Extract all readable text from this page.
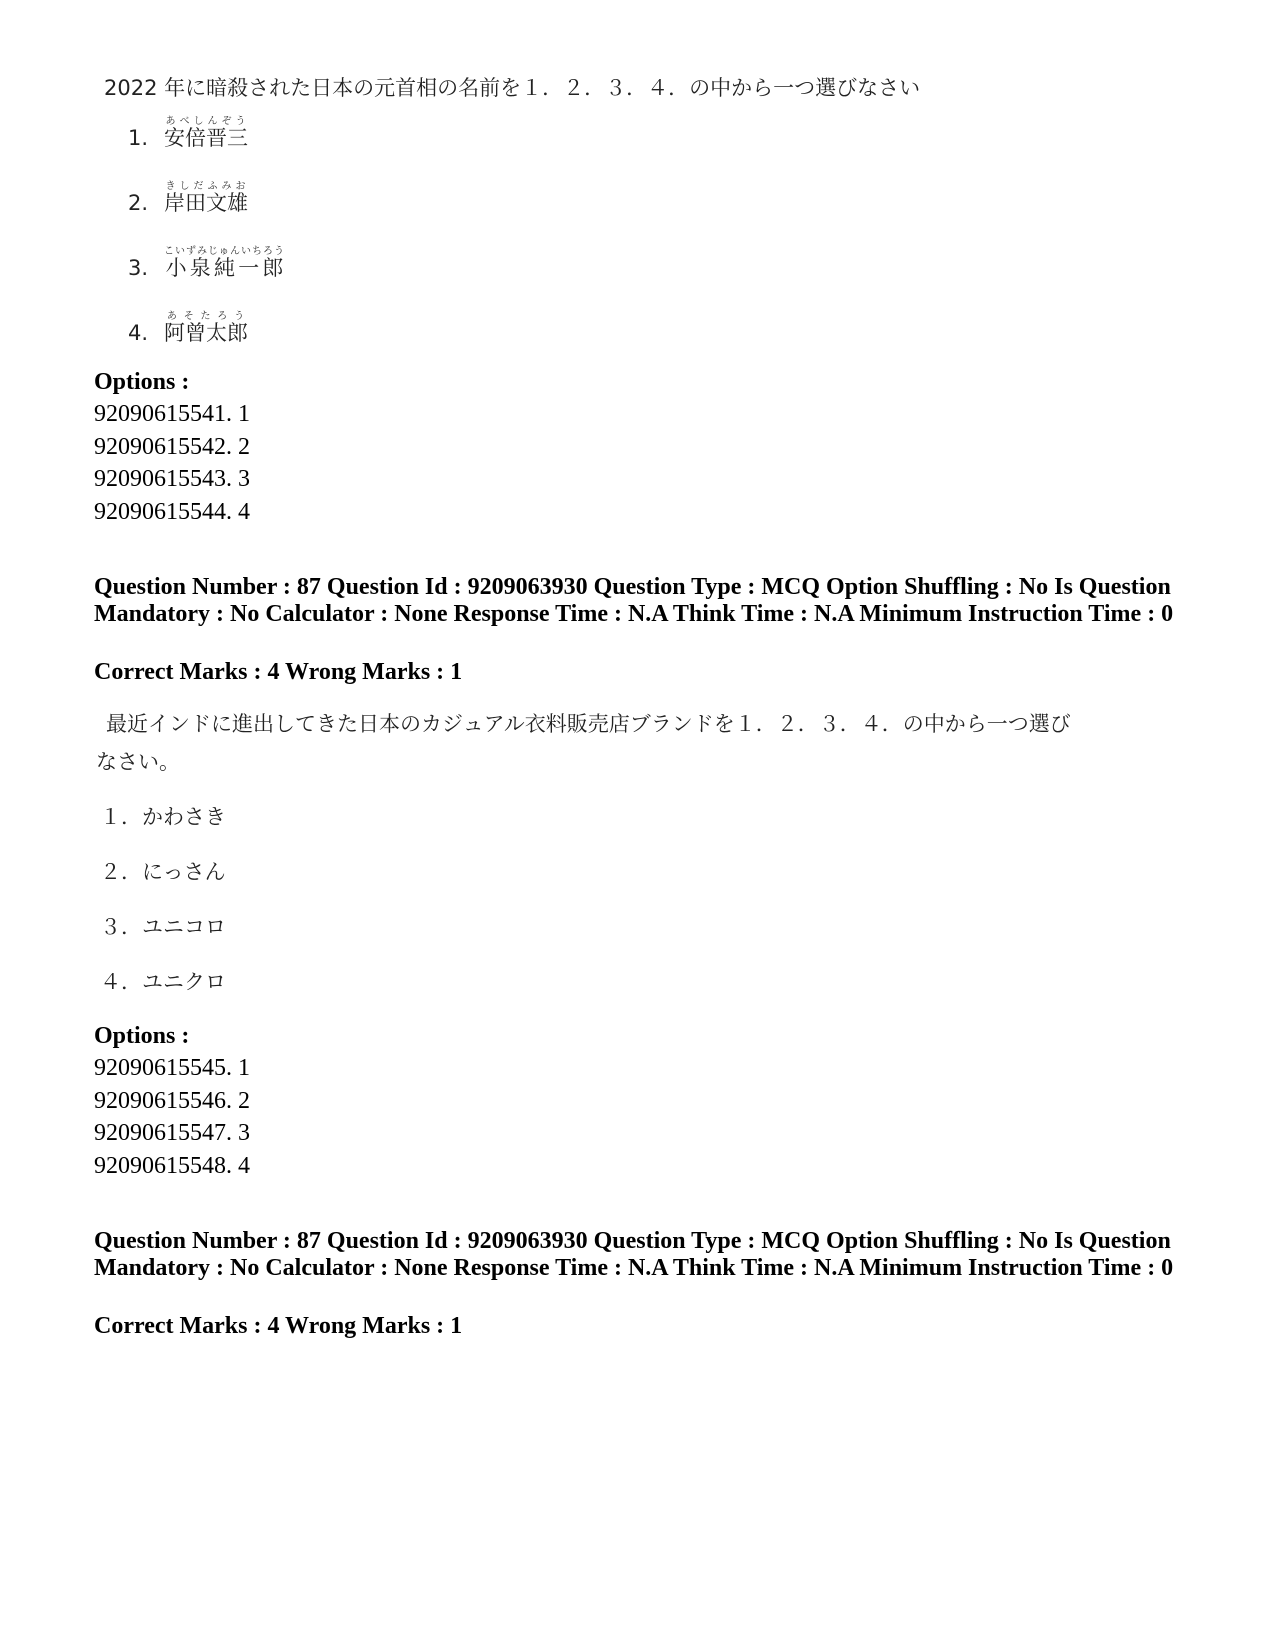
2022 年に暗殺された日本の元首相の名前を１．２．３．４．の中から一つ選びなさい
1. 安倍晋三あべしんぞう
2. 岸田文雄きしだふみお
3. 小泉純一郎こいずみじゅんいちろう
4. 阿曾太郎あそたろう
Options :
92090615541. 1
92090615542. 2
92090615543. 3
92090615544. 4
Question Number : 87 Question Id : 9209063930 Question Type : MCQ Option Shuffling : No Is Question Mandatory : No Calculator : None Response Time : N.A Think Time : N.A Minimum Instruction Time : 0
Correct Marks : 4 Wrong Marks : 1
最近インドに進出してきた日本のカジュアル衣料販売店ブランドを１．２．３．４．の中から一つ選び
なさい。
１．かわさき
２．にっさん
３．ユニコロ
４．ユニクロ
Options :
92090615545. 1
92090615546. 2
92090615547. 3
92090615548. 4
Question Number : 87 Question Id : 9209063930 Question Type : MCQ Option Shuffling : No Is Question Mandatory : No Calculator : None Response Time : N.A Think Time : N.A Minimum Instruction Time : 0
Correct Marks : 4 Wrong Marks : 1
